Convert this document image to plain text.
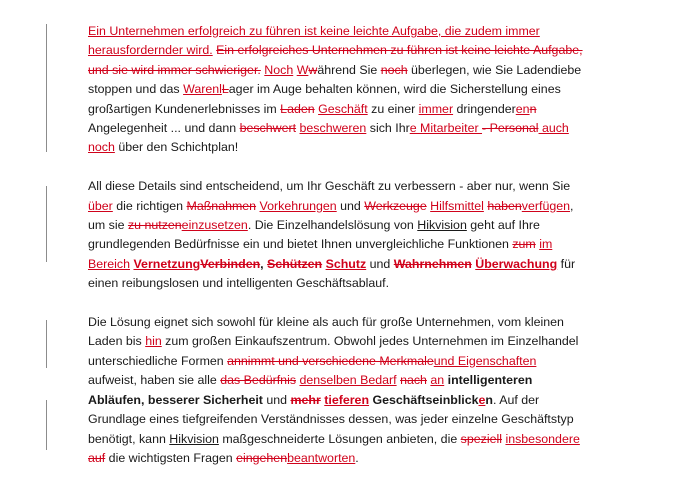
Ein Unternehmen erfolgreich zu führen ist keine leichte Aufgabe, die zudem immer herausfordernder wird. Ein erfolgreiches Unternehmen zu führen ist keine leichte Aufgabe, und sie wird immer schwieriger. Noch Wwährend Sie noch überlegen, wie Sie Ladendiebe stoppen und das WarenlLager im Auge behalten können, wird die Sicherstellung eines großartigen Kundenerlebnisses im Laden Geschäft zu einer immer dringenderenn Angelegenheit ... und dann beschwert beschweren sich Ihre Mitarbeiter - Personal auch noch über den Schichtplan!

All diese Details sind entscheidend, um Ihr Geschäft zu verbessern - aber nur, wenn Sie über die richtigen Maßnahmen Vorkehrungen und Werkzeuge Hilfsmittel habenverfügen, um sie zu nutzeneinzusetzen. Die Einzelhandelslösung von Hikvision geht auf Ihre grundlegenden Bedürfnisse ein und bietet Ihnen unvergleichliche Funktionen zum im Bereich VernetzungVerbinden, Schützen Schutz und Wahrnehmen Überwachung für einen reibungslosen und intelligenten Geschäftsablauf.

Die Lösung eignet sich sowohl für kleine als auch für große Unternehmen, vom kleinen Laden bis hin zum großen Einkaufszentrum. Obwohl jedes Unternehmen im Einzelhandel unterschiedliche Formen annimmt und verschiedene Merkmaleund Eigenschaften aufweist, haben sie alle das Bedürfnis denselben Bedarf nach an intelligenteren Abläufen, besserer Sicherheit und mehr tieferen Geschäftseinblicken. Auf der Grundlage eines tiefgreifenden Verständnisses dessen, was jeder einzelne Geschäftstyp benötigt, kann Hikvision maßgeschneiderte Lösungen anbieten, die speziell insbesondere auf die wichtigsten Fragen eingehenbeantworten.
